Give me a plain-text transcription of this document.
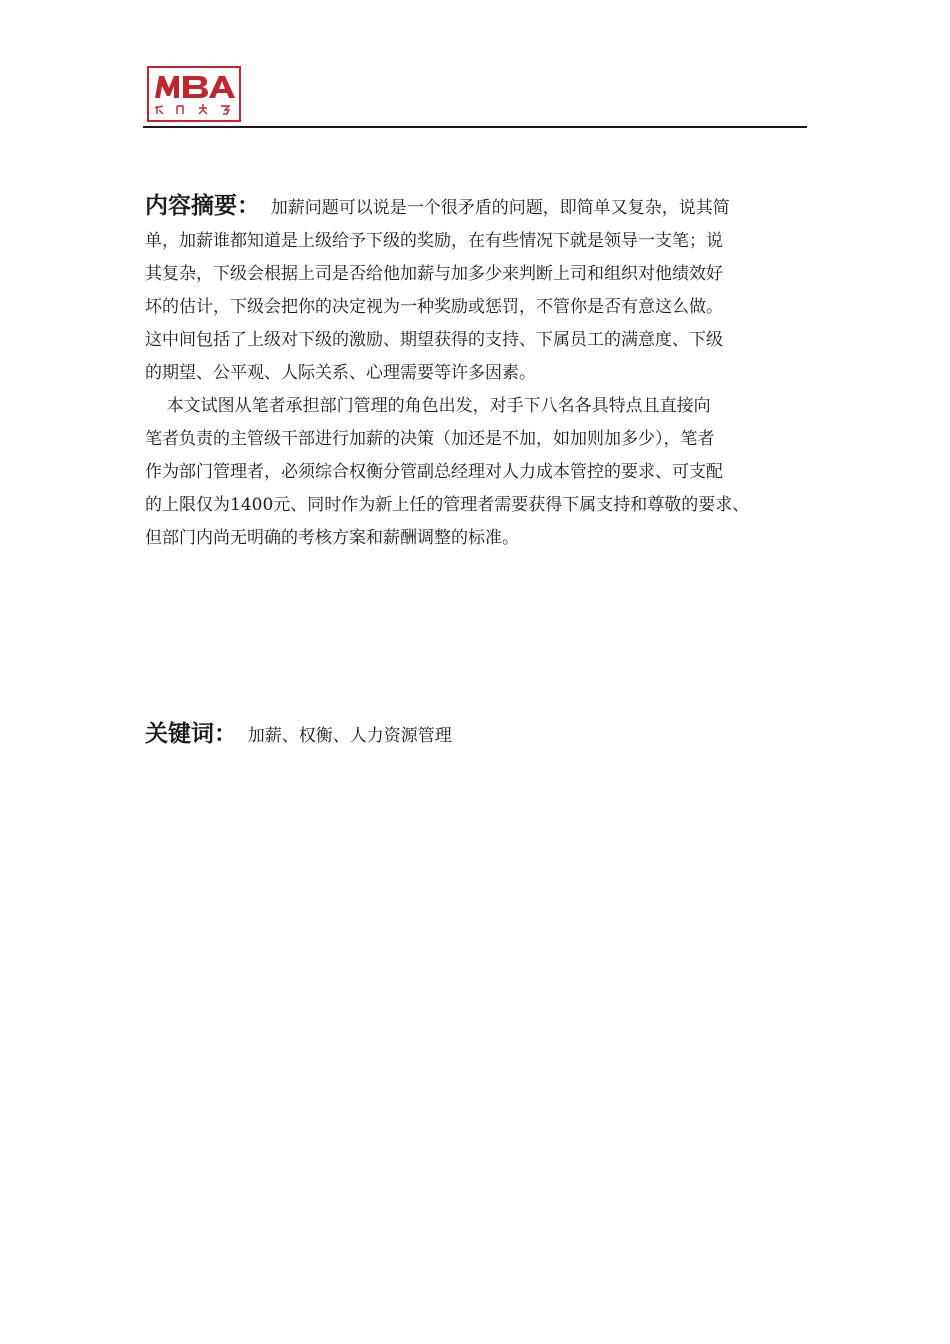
内容摘要：  加薪问题可以说是一个很矛盾的问题，即简单又复杂，说其简

单，加薪谁都知道是上级给予下级的奖励，在有些情况下就是领导一支笔；说

其复杂，下级会根据上司是否给他加薪与加多少来判断上司和组织对他绩效好

坏的估计，下级会把你的决定视为一种奖励或惩罚，不管你是否有意这么做。

这中间包括了上级对下级的激励、期望获得的支持、下属员工的满意度、下级

的期望、公平观、人际关系、心理需要等许多因素。

本文试图从笔者承担部门管理的角色出发，对手下八名各具特点且直接向

笔者负责的主管级干部进行加薪的决策（加还是不加，如加则加多少），笔者

作为部门管理者，必须综合权衡分管副总经理对人力成本管控的要求、可支配

的上限仅为1400元、同时作为新上任的管理者需要获得下属支持和尊敬的要求、

但部门内尚无明确的考核方案和薪酬调整的标准。

关键词：  加薪、权衡、人力资源管理
